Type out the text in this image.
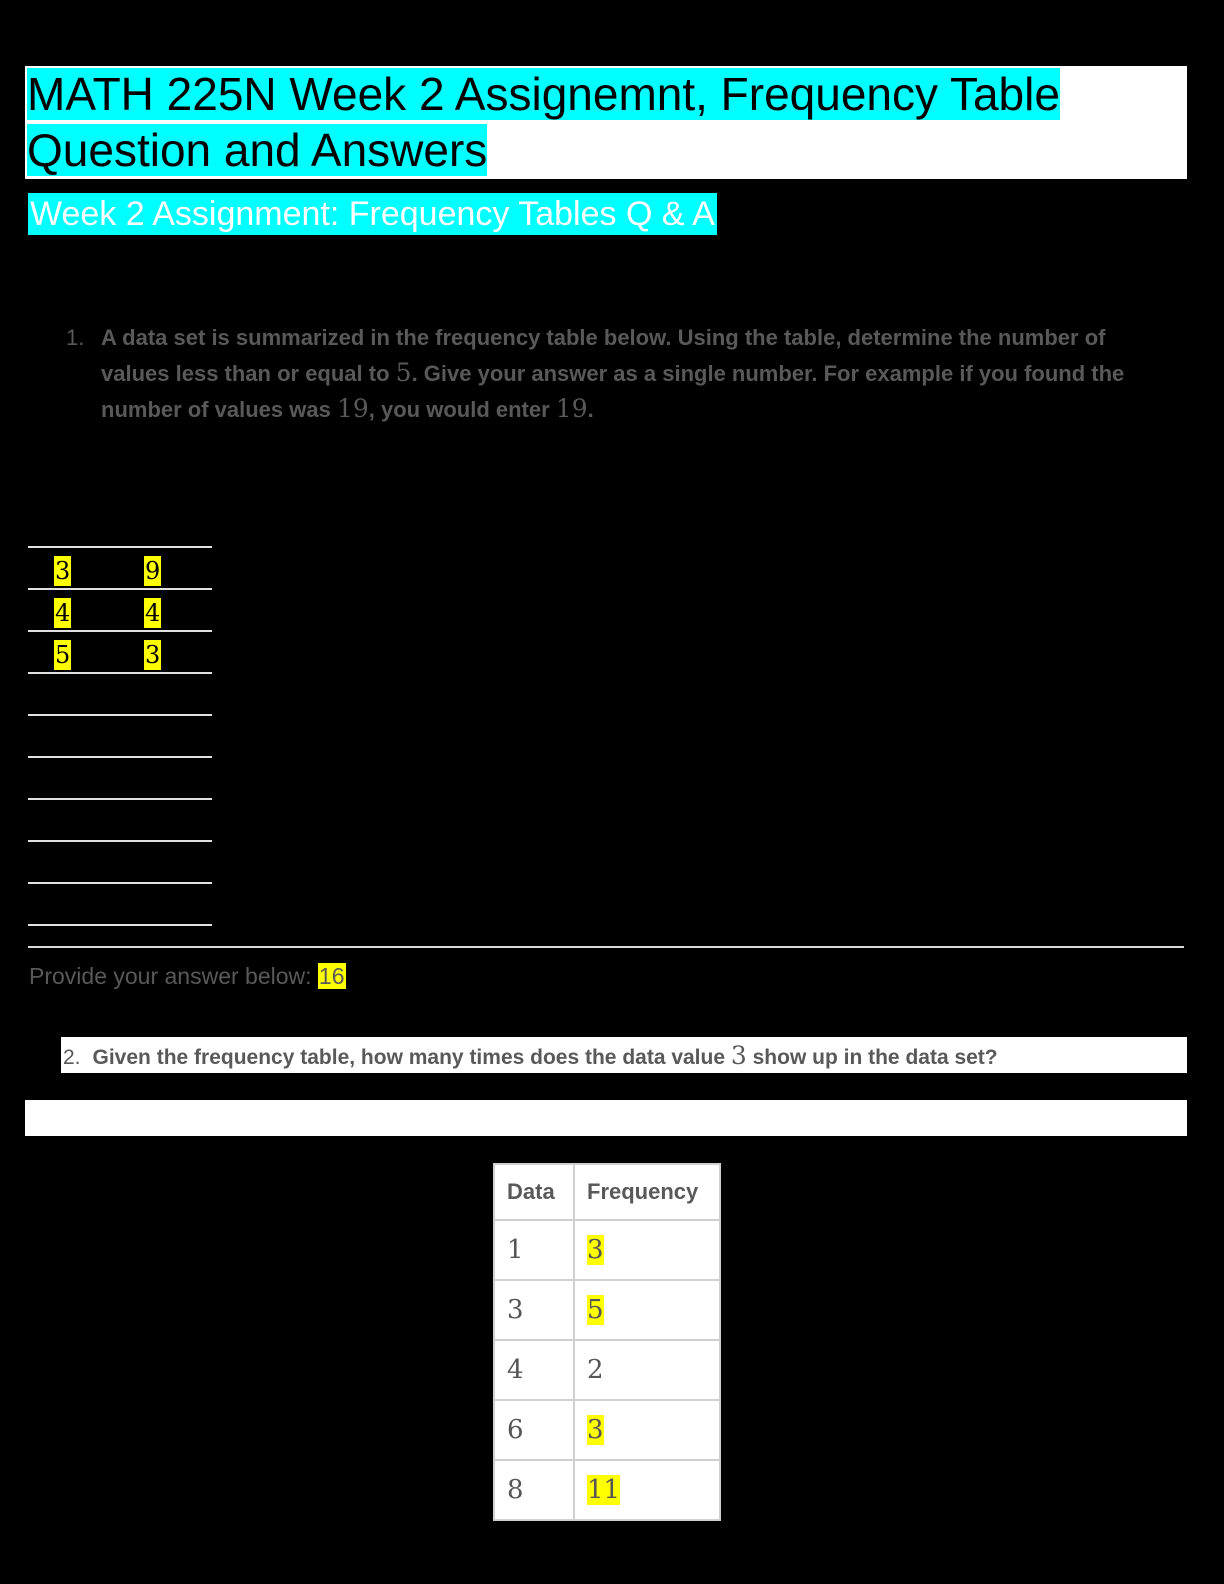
MATH 225N Week 2 Assignemnt, Frequency Table
Question and Answers
Week 2 Assignment: Frequency Tables Q & A
1. A data set is summarized in the frequency table below. Using the table, determine the number of values less than or equal to 5. Give your answer as a single number. For example if you found the number of values was 19, you would enter 19.
3	9
4	4
5	3
Provide your answer below: 16
2. Given the frequency table, how many times does the data value 3 show up in the data set?
Data	Frequency
1	3
3	5
4	2
6	3
8	11
